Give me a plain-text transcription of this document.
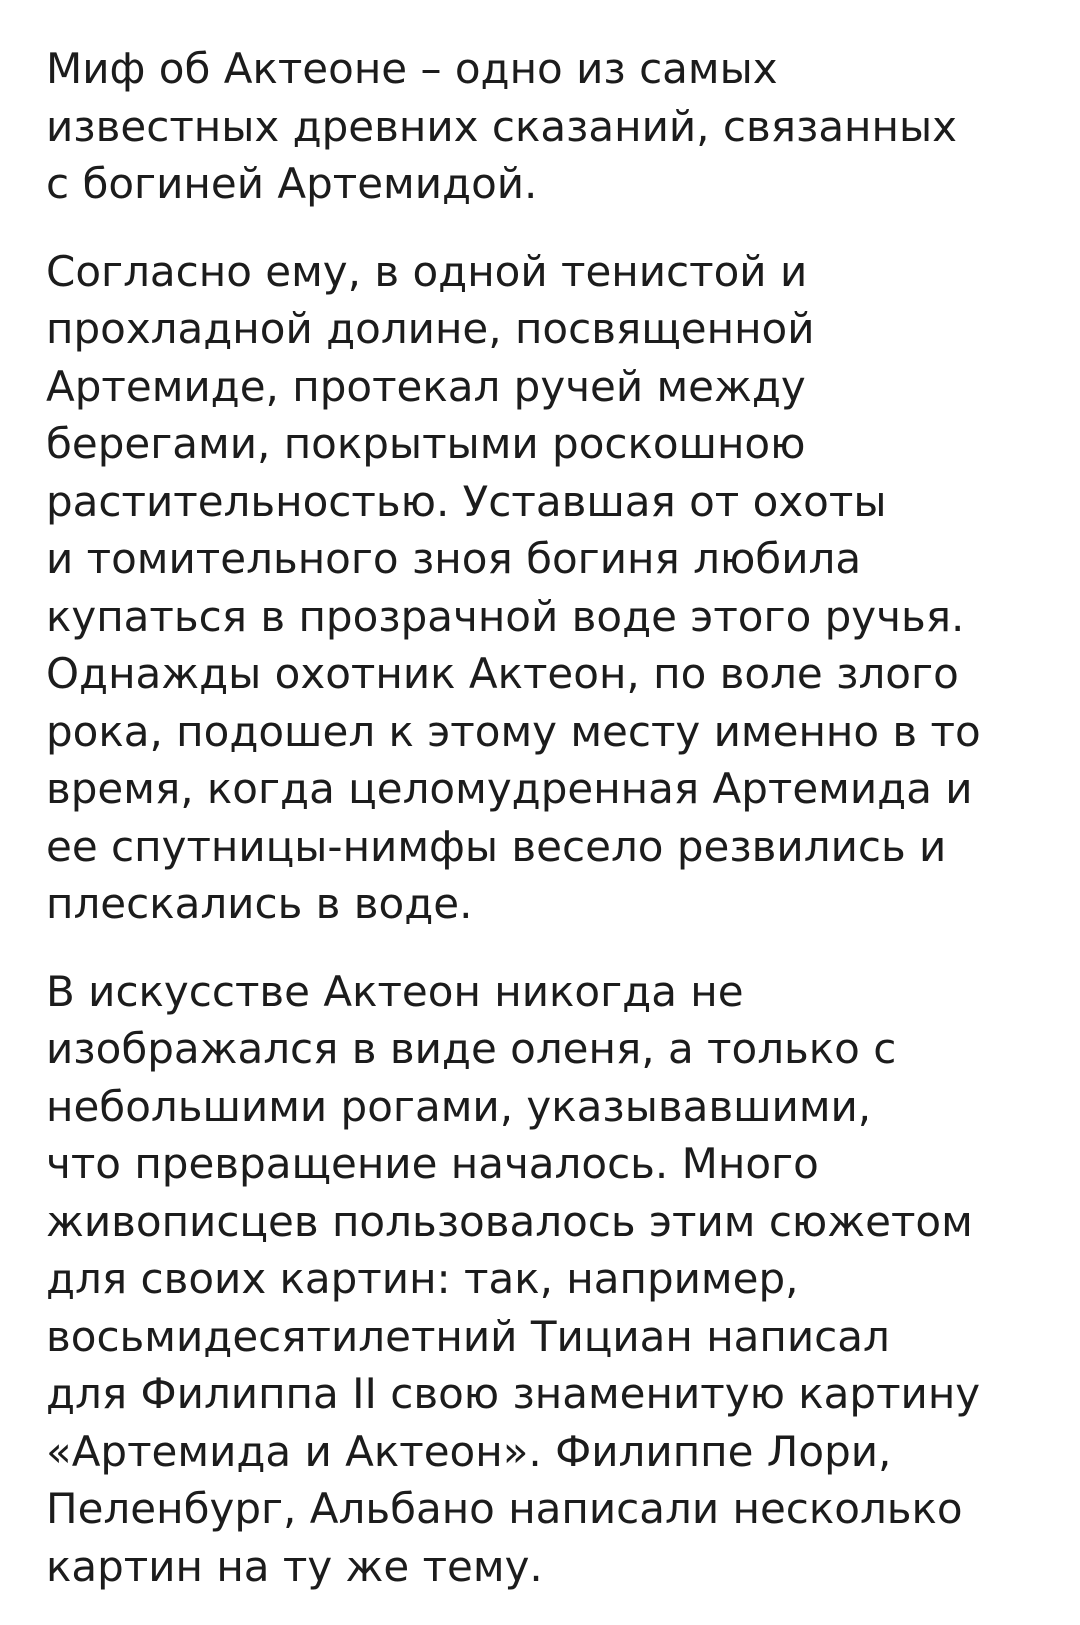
Миф об Актеоне – одно из самых
известных древних сказаний, связанных
с богиней Артемидой.
Согласно ему, в одной тенистой и
прохладной долине, посвященной
Артемиде, протекал ручей между
берегами, покрытыми роскошною
растительностью. Уставшая от охоты
и томительного зноя богиня любила
купаться в прозрачной воде этого ручья.
Однажды охотник Актеон, по воле злого
рока, подошел к этому месту именно в то
время, когда целомудренная Артемида и
ее спутницы-нимфы весело резвились и
плескались в воде.
В искусстве Актеон никогда не
изображался в виде оленя, а только с
небольшими рогами, указывавшими,
что превращение началось. Много
живописцев пользовалось этим сюжетом
для своих картин: так, например,
восьмидесятилетний Тициан написал
для Филиппа II свою знаменитую картину
«Артемида и Актеон». Филиппе Лори,
Пеленбург, Альбано написали несколько
картин на ту же тему.
